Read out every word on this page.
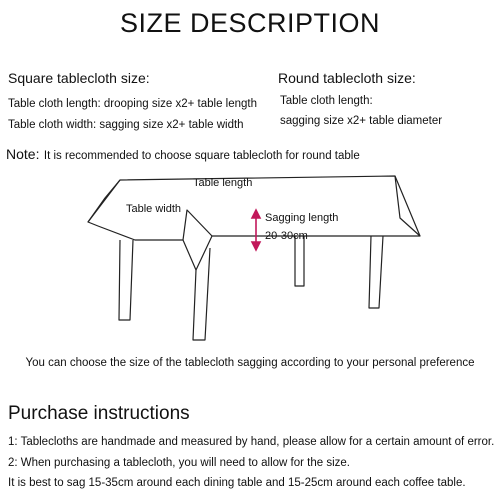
SIZE DESCRIPTION
Square tablecloth size:
Table cloth length: drooping size x2+ table length
Table cloth width: sagging size x2+ table width
Round tablecloth size:
Table cloth length:
sagging size x2+ table diameter
Note: It is recommended to choose square tablecloth for round table
Table length
Table width
Sagging length
20-30cm
You can choose the size of the tablecloth sagging according to your personal preference
Purchase instructions
1: Tablecloths are handmade and measured by hand, please allow for a certain amount of error.
2: When purchasing a tablecloth, you will need to allow for the size.
It is best to sag 15-35cm around each dining table and 15-25cm around each coffee table.
